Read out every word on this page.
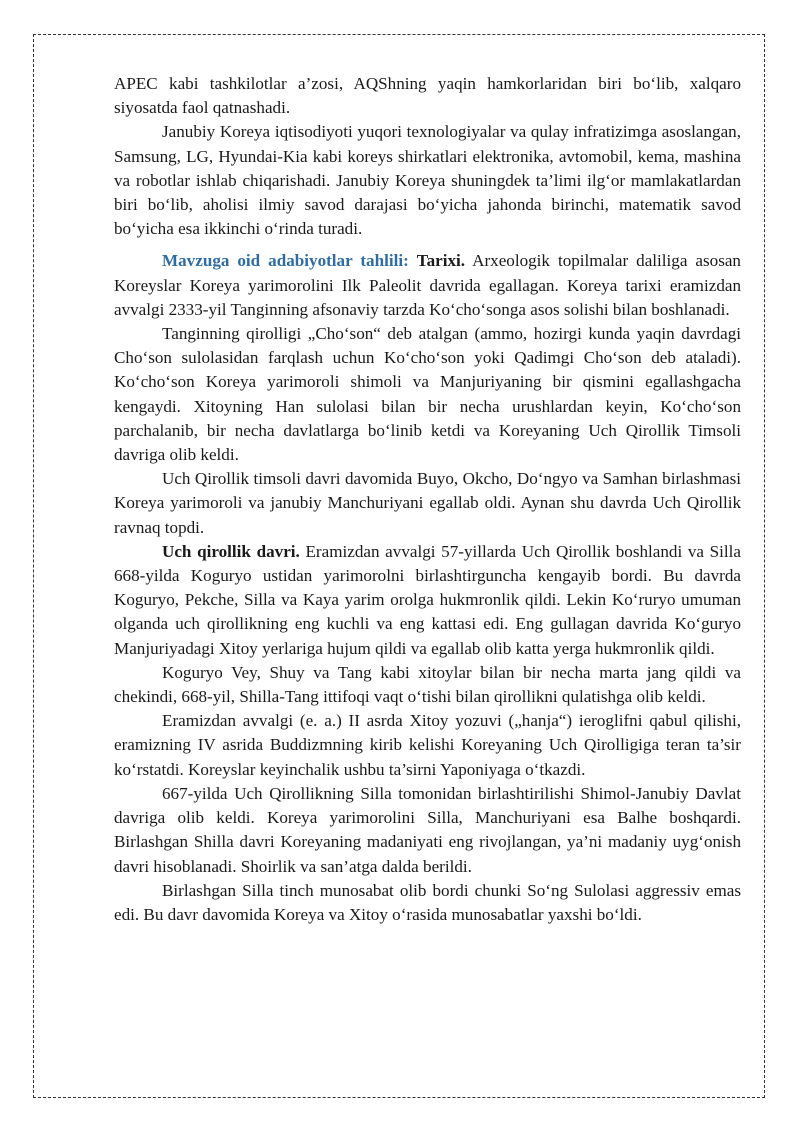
APEC kabi tashkilotlar a’zosi, AQShning yaqin hamkorlaridan biri bo‘lib, xalqaro siyosatda faol qatnashadi.

Janubiy Koreya iqtisodiyoti yuqori texnologiyalar va qulay infratizimga asoslangan, Samsung, LG, Hyundai-Kia kabi koreys shirkatlari elektronika, avtomobil, kema, mashina va robotlar ishlab chiqarishadi. Janubiy Koreya shuningdek ta’limi ilg‘or mamlakatlardan biri bo‘lib, aholisi ilmiy savod darajasi bo‘yicha jahonda birinchi, matematik savod bo‘yicha esa ikkinchi o‘rinda turadi.

Mavzuga oid adabiyotlar tahlili: Tarixi. Arxeologik topilmalar daliliga asosan Koreyslar Koreya yarimorolini Ilk Paleolit davrida egallagan. Koreya tarixi eramizdan avvalgi 2333-yil Tanginning afsonaviy tarzda Ko‘cho‘songa asos solishi bilan boshlanadi.

Tanginning qirolligi „Cho‘son“ deb atalgan (ammo, hozirgi kunda yaqin davrdagi Cho‘son sulolasidan farqlash uchun Ko‘cho‘son yoki Qadimgi Cho‘son deb ataladi). Ko‘cho‘son Koreya yarimoroli shimoli va Manjuriyaning bir qismini egallashgacha kengaydi. Xitoyning Han sulolasi bilan bir necha urushlardan keyin, Ko‘cho‘son parchalanib, bir necha davlatlarga bo‘linib ketdi va Koreyaning Uch Qirollik Timsoli davriga olib keldi.

Uch Qirollik timsoli davri davomida Buyo, Okcho, Do‘ngyo va Samhan birlashmasi Koreya yarimoroli va janubiy Manchuriyani egallab oldi. Aynan shu davrda Uch Qirollik ravnaq topdi.

Uch qirollik davri. Eramizdan avvalgi 57-yillarda Uch Qirollik boshlandi va Silla 668-yilda Koguryo ustidan yarimorolni birlashtirguncha kengayib bordi. Bu davrda Koguryo, Pekche, Silla va Kaya yarim orolga hukmronlik qildi. Lekin Ko‘ruryo umuman olganda uch qirollikning eng kuchli va eng kattasi edi. Eng gullagan davrida Ko‘guryo Manjuriyadagi Xitoy yerlariga hujum qildi va egallab olib katta yerga hukmronlik qildi.

Koguryo Vey, Shuy va Tang kabi xitoylar bilan bir necha marta jang qildi va chekindi, 668-yil, Shilla-Tang ittifoqi vaqt o‘tishi bilan qirollikni qulatishga olib keldi.

Eramizdan avvalgi (e. a.) II asrda Xitoy yozuvi („hanja“) ieroglifni qabul qilishi, eramizning IV asrida Buddizmning kirib kelishi Koreyaning Uch Qirolligiga teran ta’sir ko‘rstatdi. Koreyslar keyinchalik ushbu ta’sirni Yaponiyaga o‘tkazdi.

667-yilda Uch Qirollikning Silla tomonidan birlashtirilishi Shimol-Janubiy Davlat davriga olib keldi. Koreya yarimorolini Silla, Manchuriyani esa Balhe boshqardi. Birlashgan Shilla davri Koreyaning madaniyati eng rivojlangan, ya’ni madaniy uyg‘onish davri hisoblanadi. Shoirlik va san’atga dalda berildi.

Birlashgan Silla tinch munosabat olib bordi chunki So‘ng Sulolasi aggressiv emas edi. Bu davr davomida Koreya va Xitoy o‘rasida munosabatlar yaxshi bo‘ldi.
